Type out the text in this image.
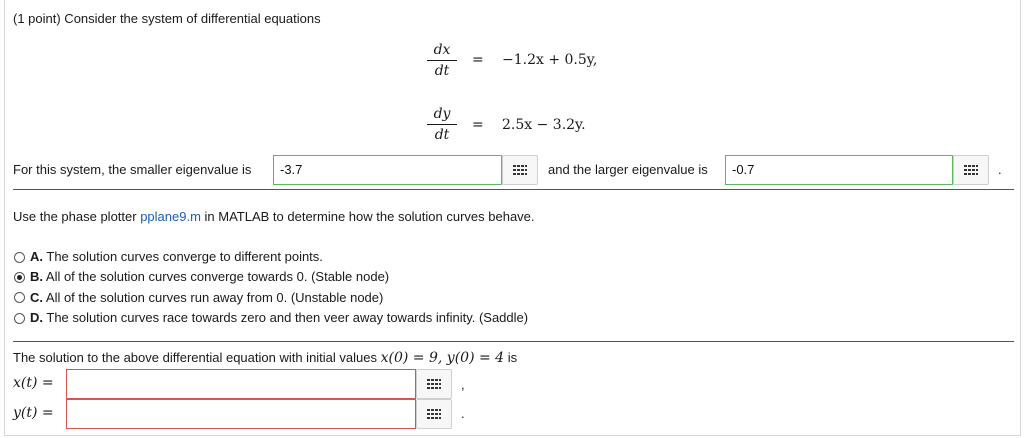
(1 point) Consider the system of differential equations
dx
dt
= −1.2x + 0.5y,
dy
dt
= 2.5x − 3.2y.
For this system, the smaller eigenvalue is	-3.7	and the larger eigenvalue is	-0.7	.
Use the phase plotter pplane9.m in MATLAB to determine how the solution curves behave.
A. The solution curves converge to different points.
B. All of the solution curves converge towards 0. (Stable node)
C. All of the solution curves run away from 0. (Unstable node)
D. The solution curves race towards zero and then veer away towards infinity. (Saddle)
The solution to the above differential equation with initial values x(0) = 9, y(0) = 4 is
x(t) =	,
y(t) =	.
